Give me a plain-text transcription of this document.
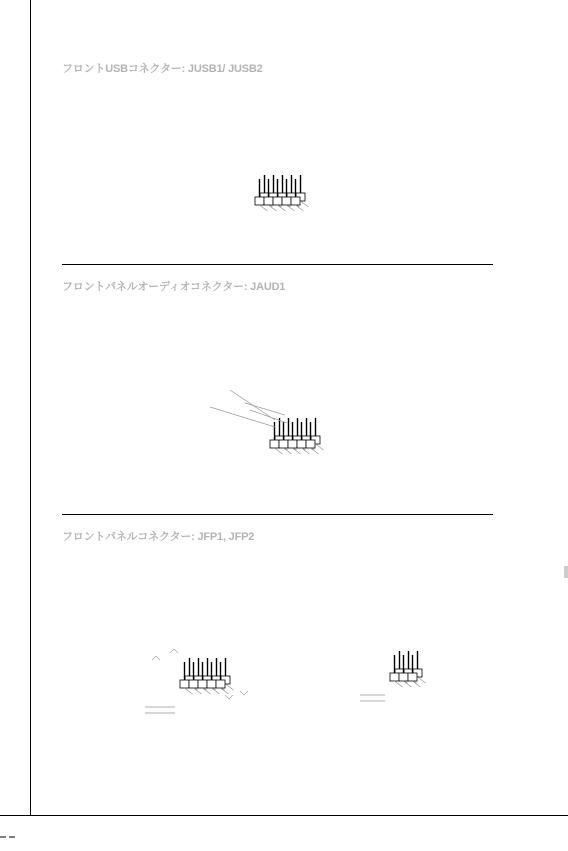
フロントUSBコネクター: JUSB1/ JUSB2
フロントパネルオーディオコネクター: JAUD1
フロントパネルコネクター: JFP1, JFP2
